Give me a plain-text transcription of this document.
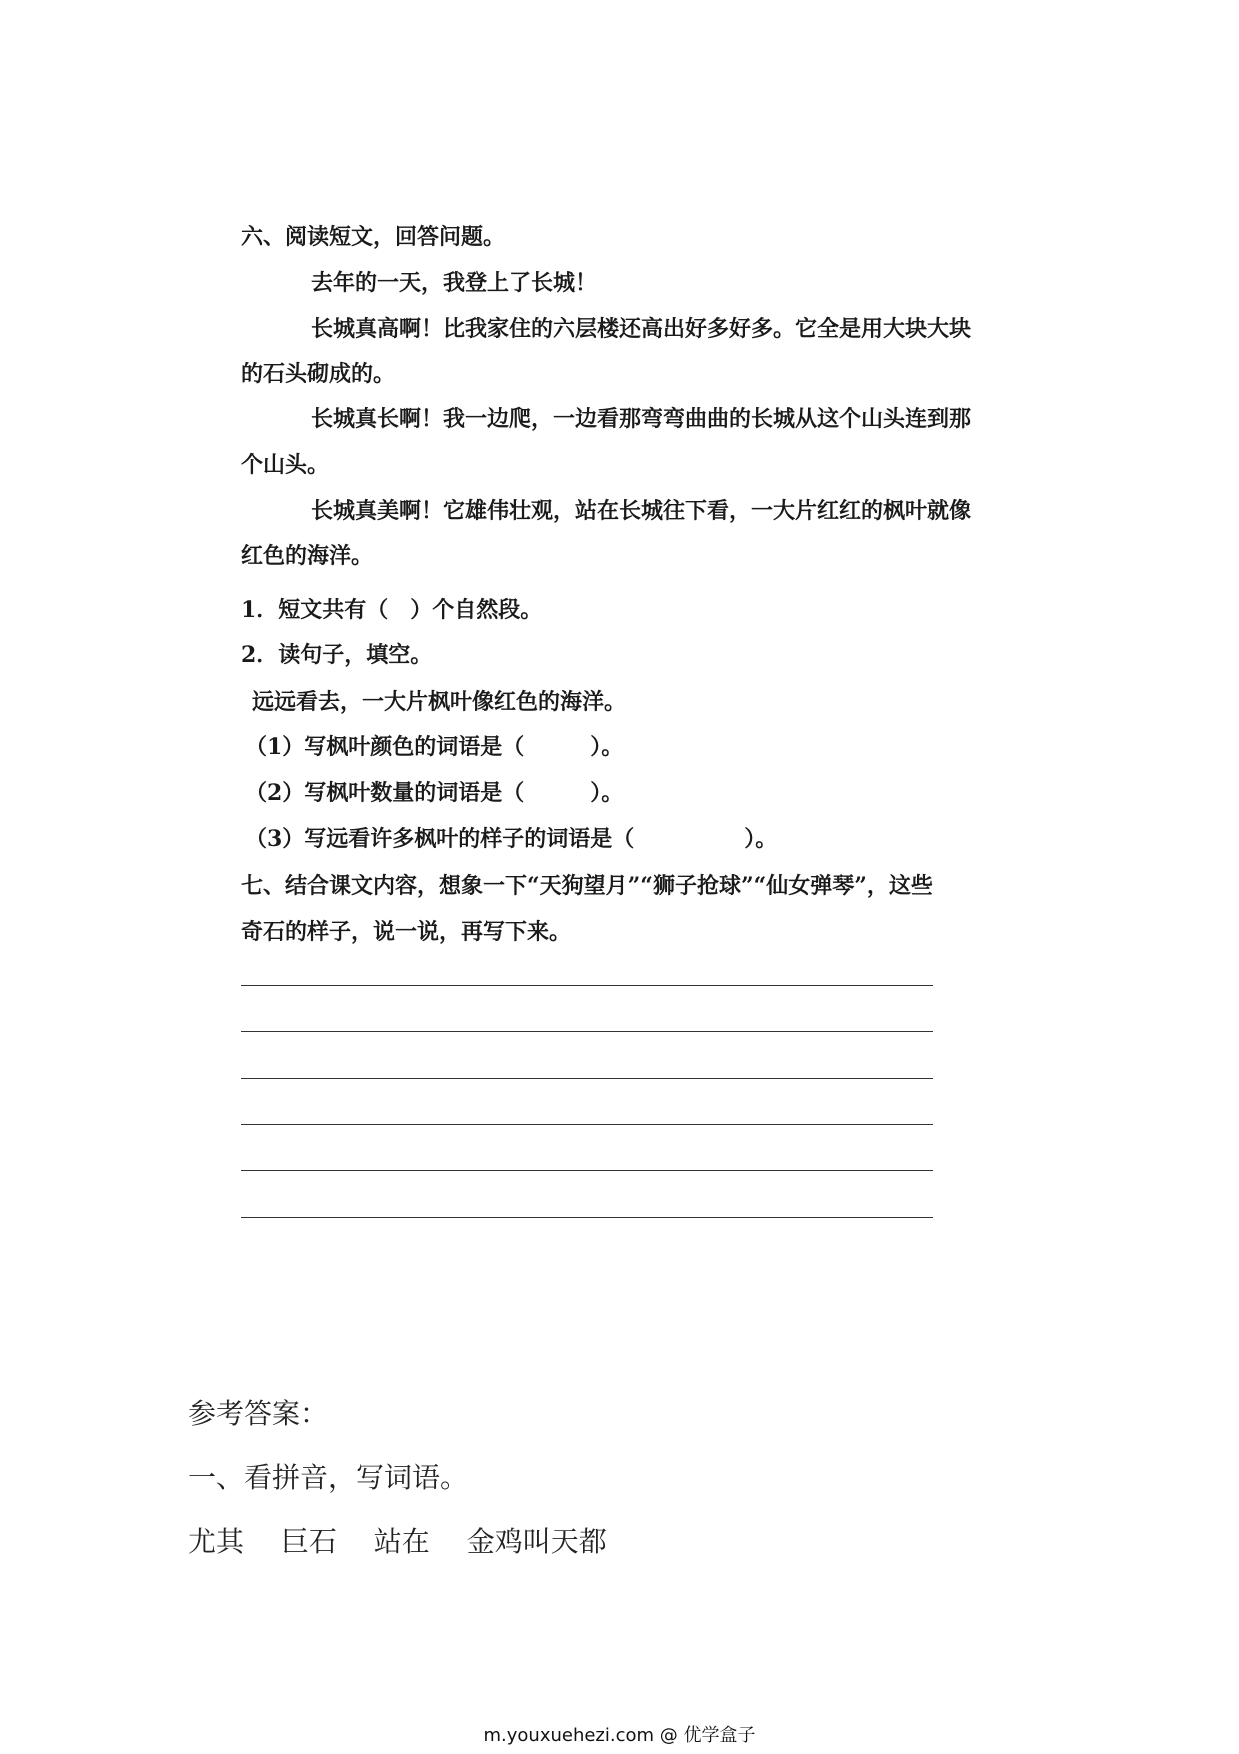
六、阅读短文，回答问题。
去年的一天，我登上了长城！
长城真高啊！比我家住的六层楼还高出好多好多。它全是用大块大块
的石头砌成的。
长城真长啊！我一边爬，一边看那弯弯曲曲的长城从这个山头连到那
个山头。
长城真美啊！它雄伟壮观，站在长城往下看，一大片红红的枫叶就像
红色的海洋。
1．短文共有（　）个自然段。
2．读句子，填空。
远远看去，一大片枫叶像红色的海洋。
（1）写枫叶颜色的词语是（　　　）。
（2）写枫叶数量的词语是（　　　）。
（3）写远看许多枫叶的样子的词语是（　　　　　）。
七、结合课文内容，想象一下“天狗望月”“狮子抢球”“仙女弹琴”，这些
奇石的样子，说一说，再写下来。
参考答案：
一、看拼音，写词语。
尤其　 巨石　 站在　 金鸡叫天都
m.youxuehezi.com @ 优学盒子
